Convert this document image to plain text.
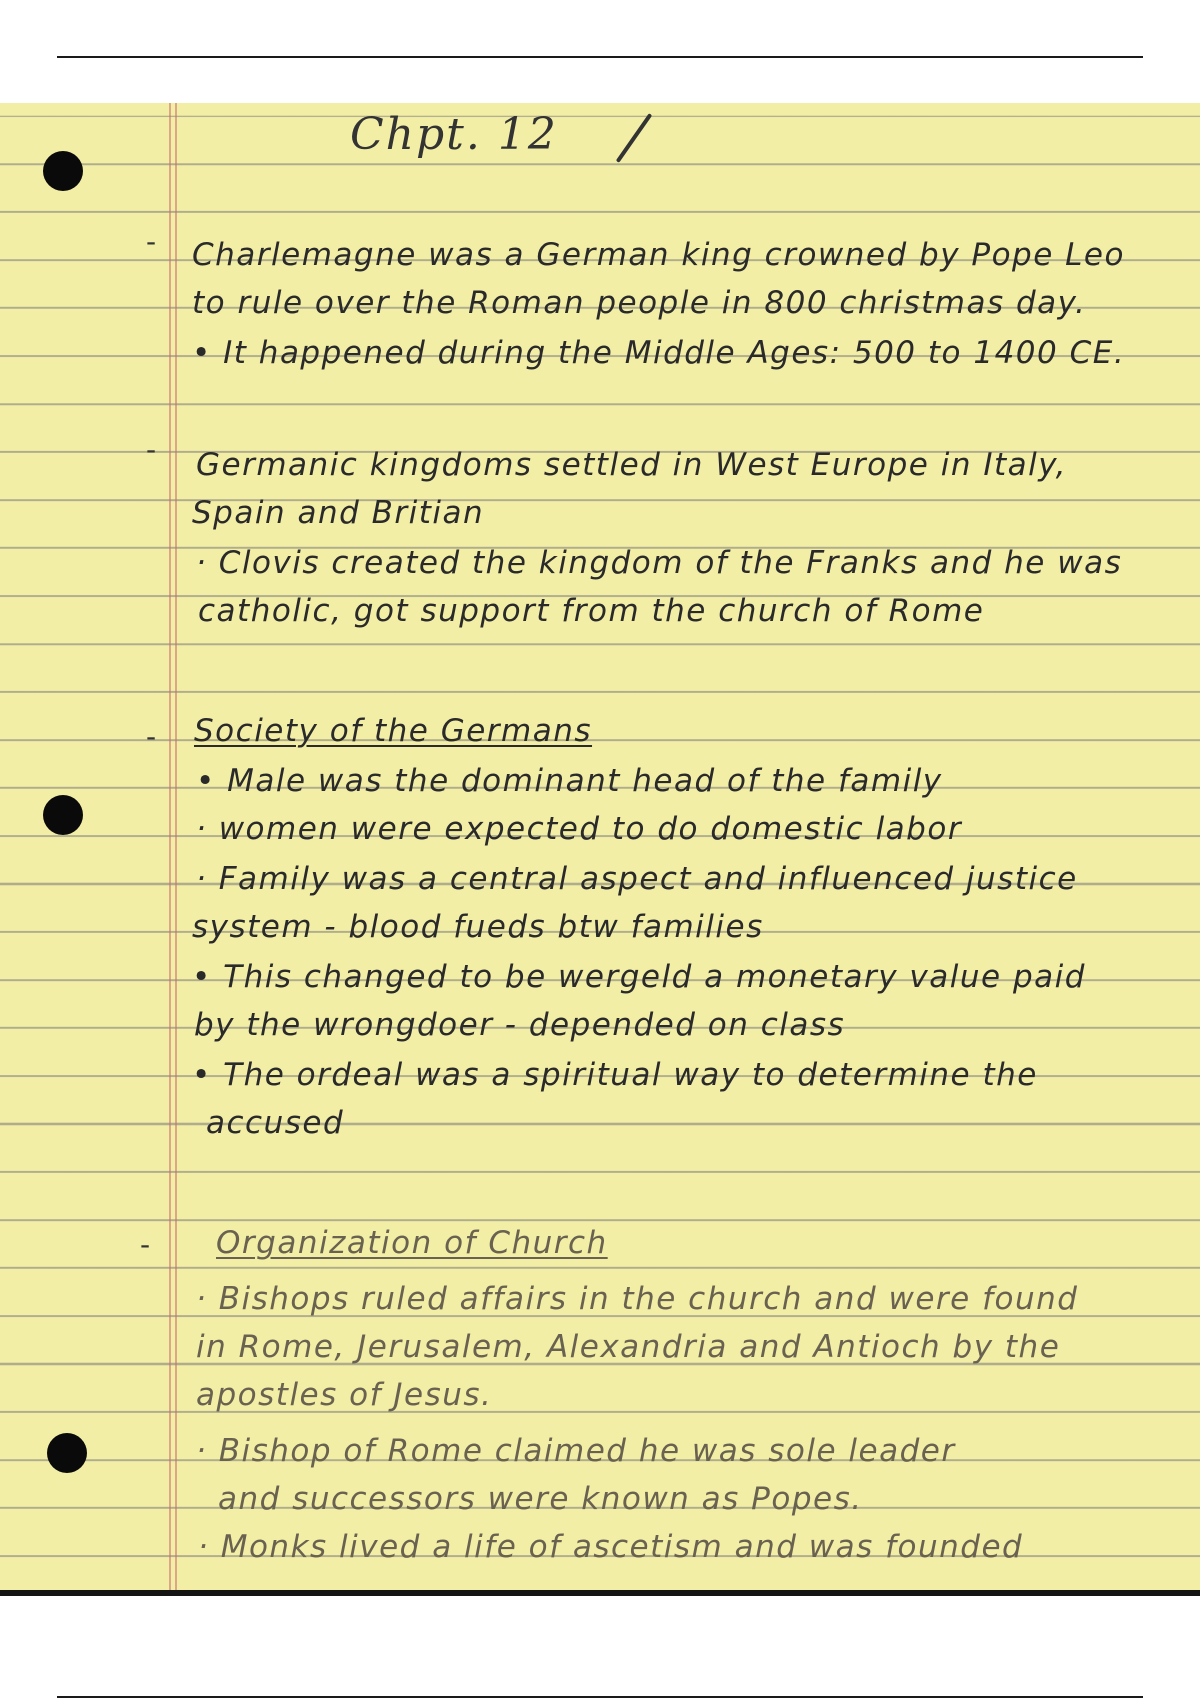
Chpt. 12
-
-
-
-
Charlemagne was a German king crowned by Pope Leo
to rule over the Roman people in 800 christmas day.
• It happened during the Middle Ages: 500 to 1400 CE.
Germanic kingdoms settled in West Europe in Italy,
Spain and Britian
· Clovis created the kingdom of the Franks and he was
catholic, got support from the church of Rome
Society of the Germans
• Male was the dominant head of the family
· women were expected to do domestic labor
· Family was a central aspect and influenced justice
system - blood fueds btw families
• This changed to be wergeld a monetary value paid
by the wrongdoer - depended on class
• The ordeal was a spiritual way to determine the
accused
Organization of Church
· Bishops ruled affairs in the church and were found
in Rome, Jerusalem, Alexandria and Antioch by the
apostles of Jesus.
· Bishop of Rome claimed he was sole leader
and successors were known as Popes.
· Monks lived a life of ascetism and was founded
